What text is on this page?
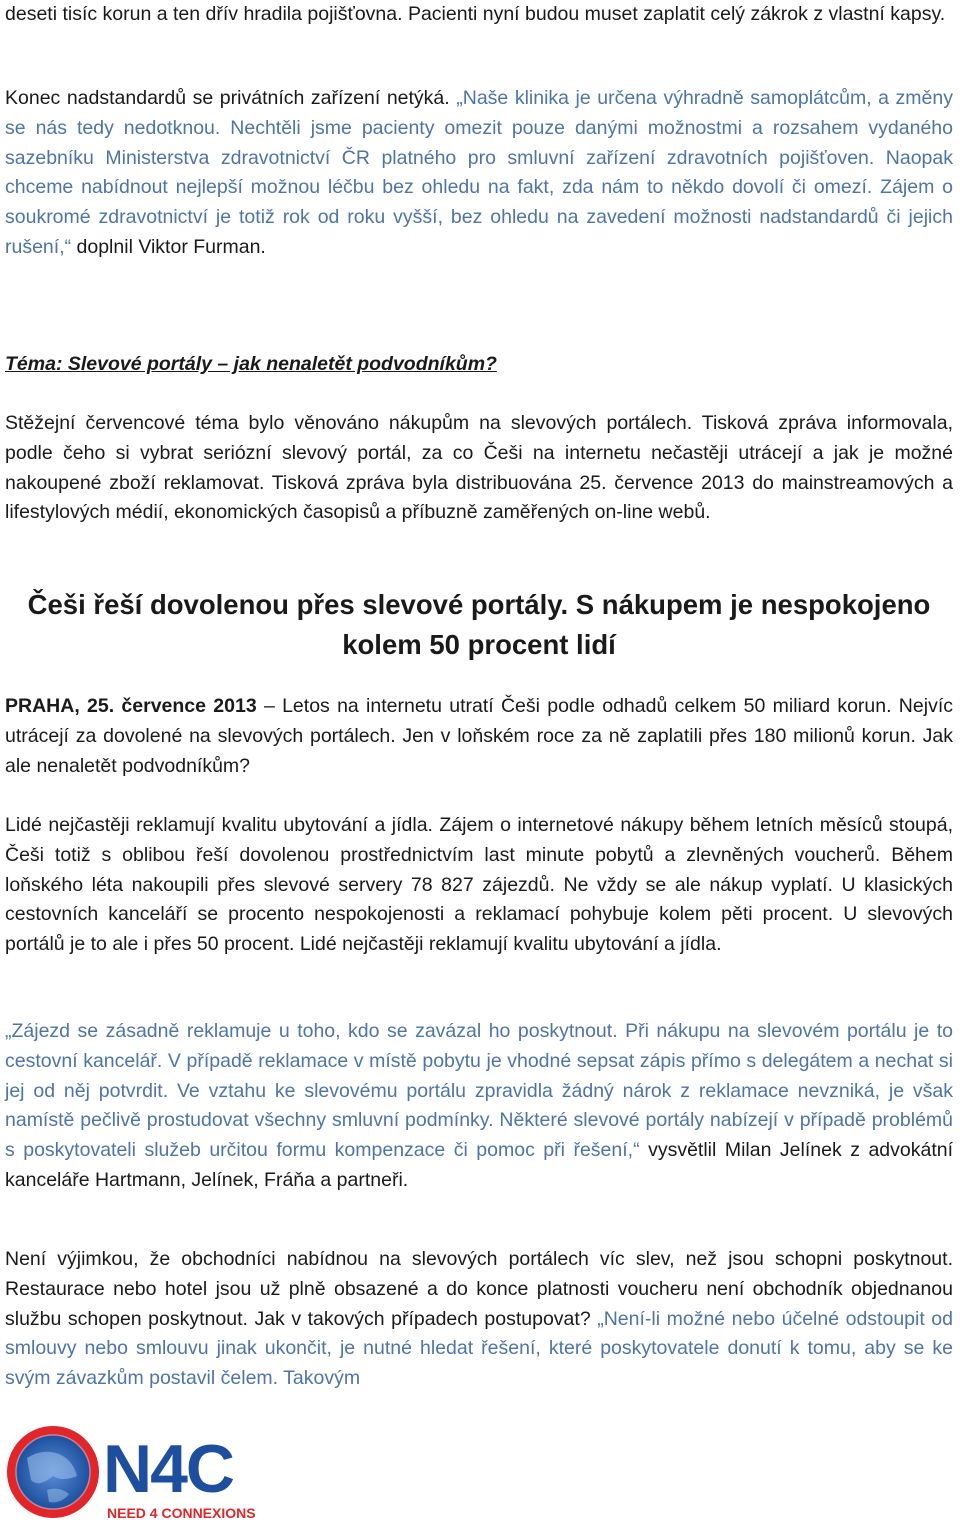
deseti tisíc korun a ten dřív hradila pojišťovna. Pacienti nyní budou muset zaplatit celý zákrok z vlastní kapsy.

Konec nadstandardů se privátních zařízení netýká. „Naše klinika je určena výhradně samoplátcům, a změny se nás tedy nedotknou. Nechtěli jsme pacienty omezit pouze danými možnostmi a rozsahem vydaného sazebníku Ministerstva zdravotnictví ČR platného pro smluvní zařízení zdravotních pojišťoven. Naopak chceme nabídnout nejlepší možnou léčbu bez ohledu na fakt, zda nám to někdo dovolí či omezí. Zájem o soukromé zdravotnictví je totiž rok od roku vyšší, bez ohledu na zavedení možnosti nadstandardů či jejich rušení,“ doplnil Viktor Furman.

Téma: Slevové portály – jak nenaletět podvodníkům?

Stěžejní červencové téma bylo věnováno nákupům na slevových portálech. Tisková zpráva informovala, podle čeho si vybrat seriózní slevový portál, za co Češi na internetu nečastěji utrácejí a jak je možné nakoupené zboží reklamovat. Tisková zpráva byla distribuována 25. července 2013 do mainstreamových a lifestylových médií, ekonomických časopisů a příbuzně zaměřených on-line webů.

Češi řeší dovolenou přes slevové portály. S nákupem je nespokojeno kolem 50 procent lidí

PRAHA, 25. července 2013 – Letos na internetu utratí Češi podle odhadů celkem 50 miliard korun. Nejvíc utrácejí za dovolené na slevových portálech. Jen v loňském roce za ně zaplatili přes 180 milionů korun. Jak ale nenaletět podvodníkům?

Lidé nejčastěji reklamují kvalitu ubytování a jídla. Zájem o internetové nákupy během letních měsíců stoupá, Češi totiž s oblibou řeší dovolenou prostřednictvím last minute pobytů a zlevněných voucherů. Během loňského léta nakoupili přes slevové servery 78 827 zájezdů. Ne vždy se ale nákup vyplatí. U klasických cestovních kanceláří se procento nespokojenosti a reklamací pohybuje kolem pěti procent. U slevových portálů je to ale i přes 50 procent. Lidé nejčastěji reklamují kvalitu ubytování a jídla.

„Zájezd se zásadně reklamuje u toho, kdo se zavázal ho poskytnout. Při nákupu na slevovém portálu je to cestovní kancelář. V případě reklamace v místě pobytu je vhodné sepsat zápis přímo s delegátem a nechat si jej od něj potvrdit. Ve vztahu ke slevovému portálu zpravidla žádný nárok z reklamace nevzniká, je však namístě pečlivě prostudovat všechny smluvní podmínky. Některé slevové portály nabízejí v případě problémů s poskytovateli služeb určitou formu kompenzace či pomoc při řešení,“ vysvětlil Milan Jelínek z advokátní kanceláře Hartmann, Jelínek, Fráňa a partneři.

Není výjimkou, že obchodníci nabídnou na slevových portálech víc slev, než jsou schopni poskytnout. Restaurace nebo hotel jsou už plně obsazené a do konce platnosti voucheru není obchodník objednanou službu schopen poskytnout. Jak v takových případech postupovat? „Není-li možné nebo účelné odstoupit od smlouvy nebo smlouvu jinak ukončit, je nutné hledat řešení, které poskytovatele donutí k tomu, aby se ke svým závazkům postavil čelem. Takovým

N4C
NEED 4 CONNEXIONS
